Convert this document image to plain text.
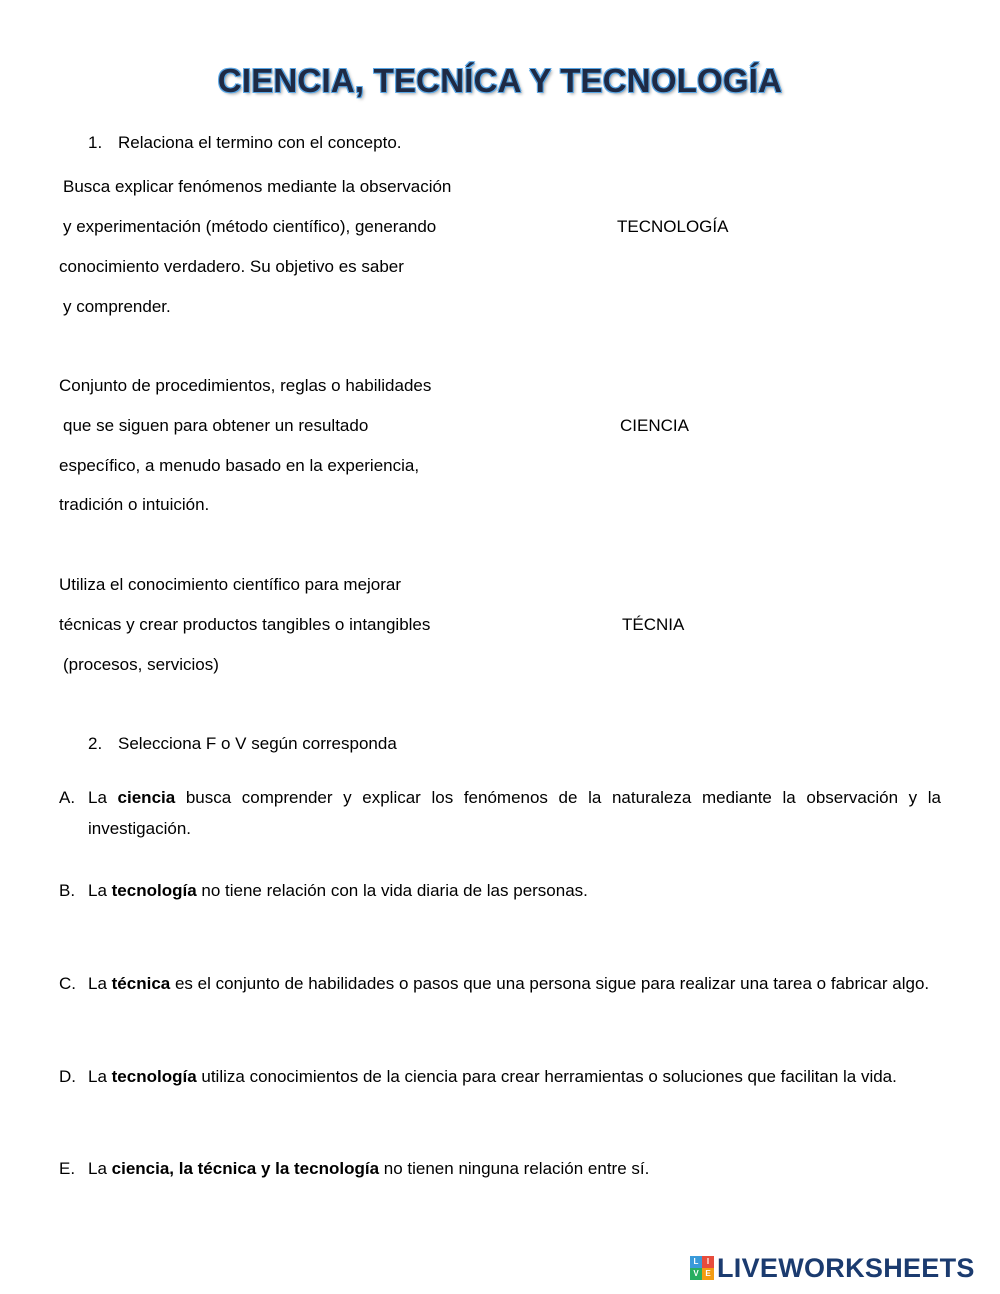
CIENCIA, TECNÍCA Y TECNOLOGÍA
1. Relaciona el termino con el concepto.
Busca explicar fenómenos mediante la observación
y experimentación (método científico), generando
conocimiento verdadero. Su objetivo es saber
y comprender.
TECNOLOGÍA
Conjunto de procedimientos, reglas o habilidades
que se siguen para obtener un resultado
específico, a menudo basado en la experiencia,
tradición o intuición.
CIENCIA
Utiliza el conocimiento científico para mejorar
técnicas y crear productos tangibles o intangibles
(procesos, servicios)
TÉCNIA
2. Selecciona F o V según corresponda
A. La ciencia busca comprender y explicar los fenómenos de la naturaleza mediante la observación y la investigación.
B. La tecnología no tiene relación con la vida diaria de las personas.
C. La técnica es el conjunto de habilidades o pasos que una persona sigue para realizar una tarea o fabricar algo.
D. La tecnología utiliza conocimientos de la ciencia para crear herramientas o soluciones que facilitan la vida.
E. La ciencia, la técnica y la tecnología no tienen ninguna relación entre sí.
L	I
V E LIVEWORKSHEETS
